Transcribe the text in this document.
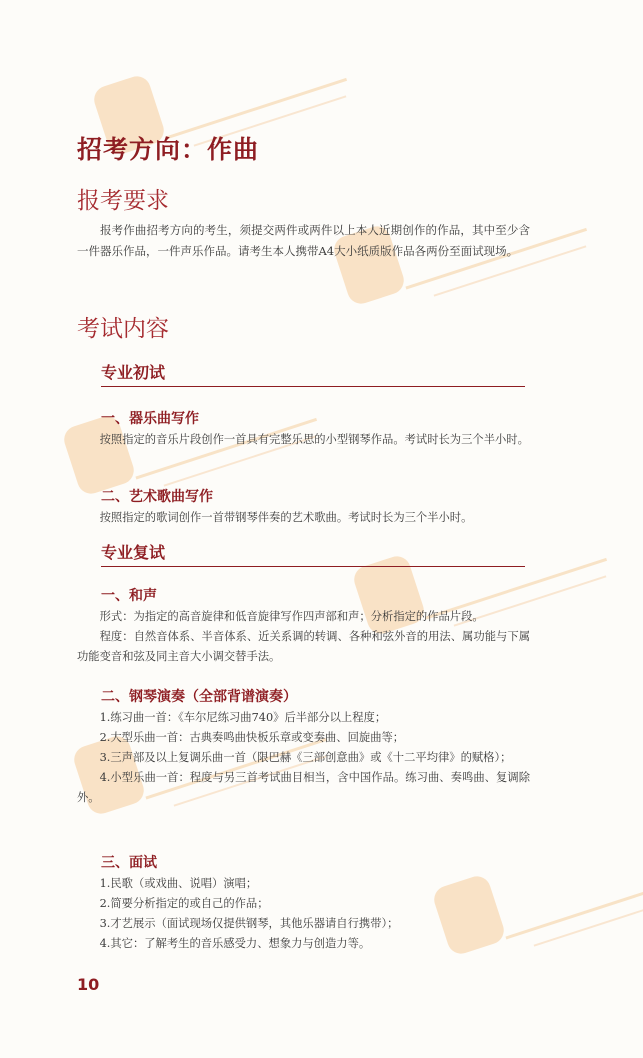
招考方向：作曲
报考要求

报考作曲招考方向的考生，须提交两件或两件以上本人近期创作的作品，其中至少含一件器乐作品，一件声乐作品。请考生本人携带A4大小纸质版作品各两份至面试现场。

考试内容
专业初试
一、器乐曲写作

按照指定的音乐片段创作一首具有完整乐思的小型钢琴作品。考试时长为三个半小时。

二、艺术歌曲写作

按照指定的歌词创作一首带钢琴伴奏的艺术歌曲。考试时长为三个半小时。

专业复试
一、和声

形式：为指定的高音旋律和低音旋律写作四声部和声；分析指定的作品片段。

程度：自然音体系、半音体系、近关系调的转调、各种和弦外音的用法、属功能与下属功能变音和弦及同主音大小调交替手法。

二、钢琴演奏（全部背谱演奏）

1.练习曲一首：《车尔尼练习曲740》后半部分以上程度；

2.大型乐曲一首：古典奏鸣曲快板乐章或变奏曲、回旋曲等；

3.三声部及以上复调乐曲一首（限巴赫《三部创意曲》或《十二平均律》的赋格）；

4.小型乐曲一首：程度与另三首考试曲目相当，含中国作品。练习曲、奏鸣曲、复调除外。

三、面试

1.民歌（或戏曲、说唱）演唱；

2.简要分析指定的或自己的作品；

3.才艺展示（面试现场仅提供钢琴，其他乐器请自行携带）；

4.其它：了解考生的音乐感受力、想象力与创造力等。

10
